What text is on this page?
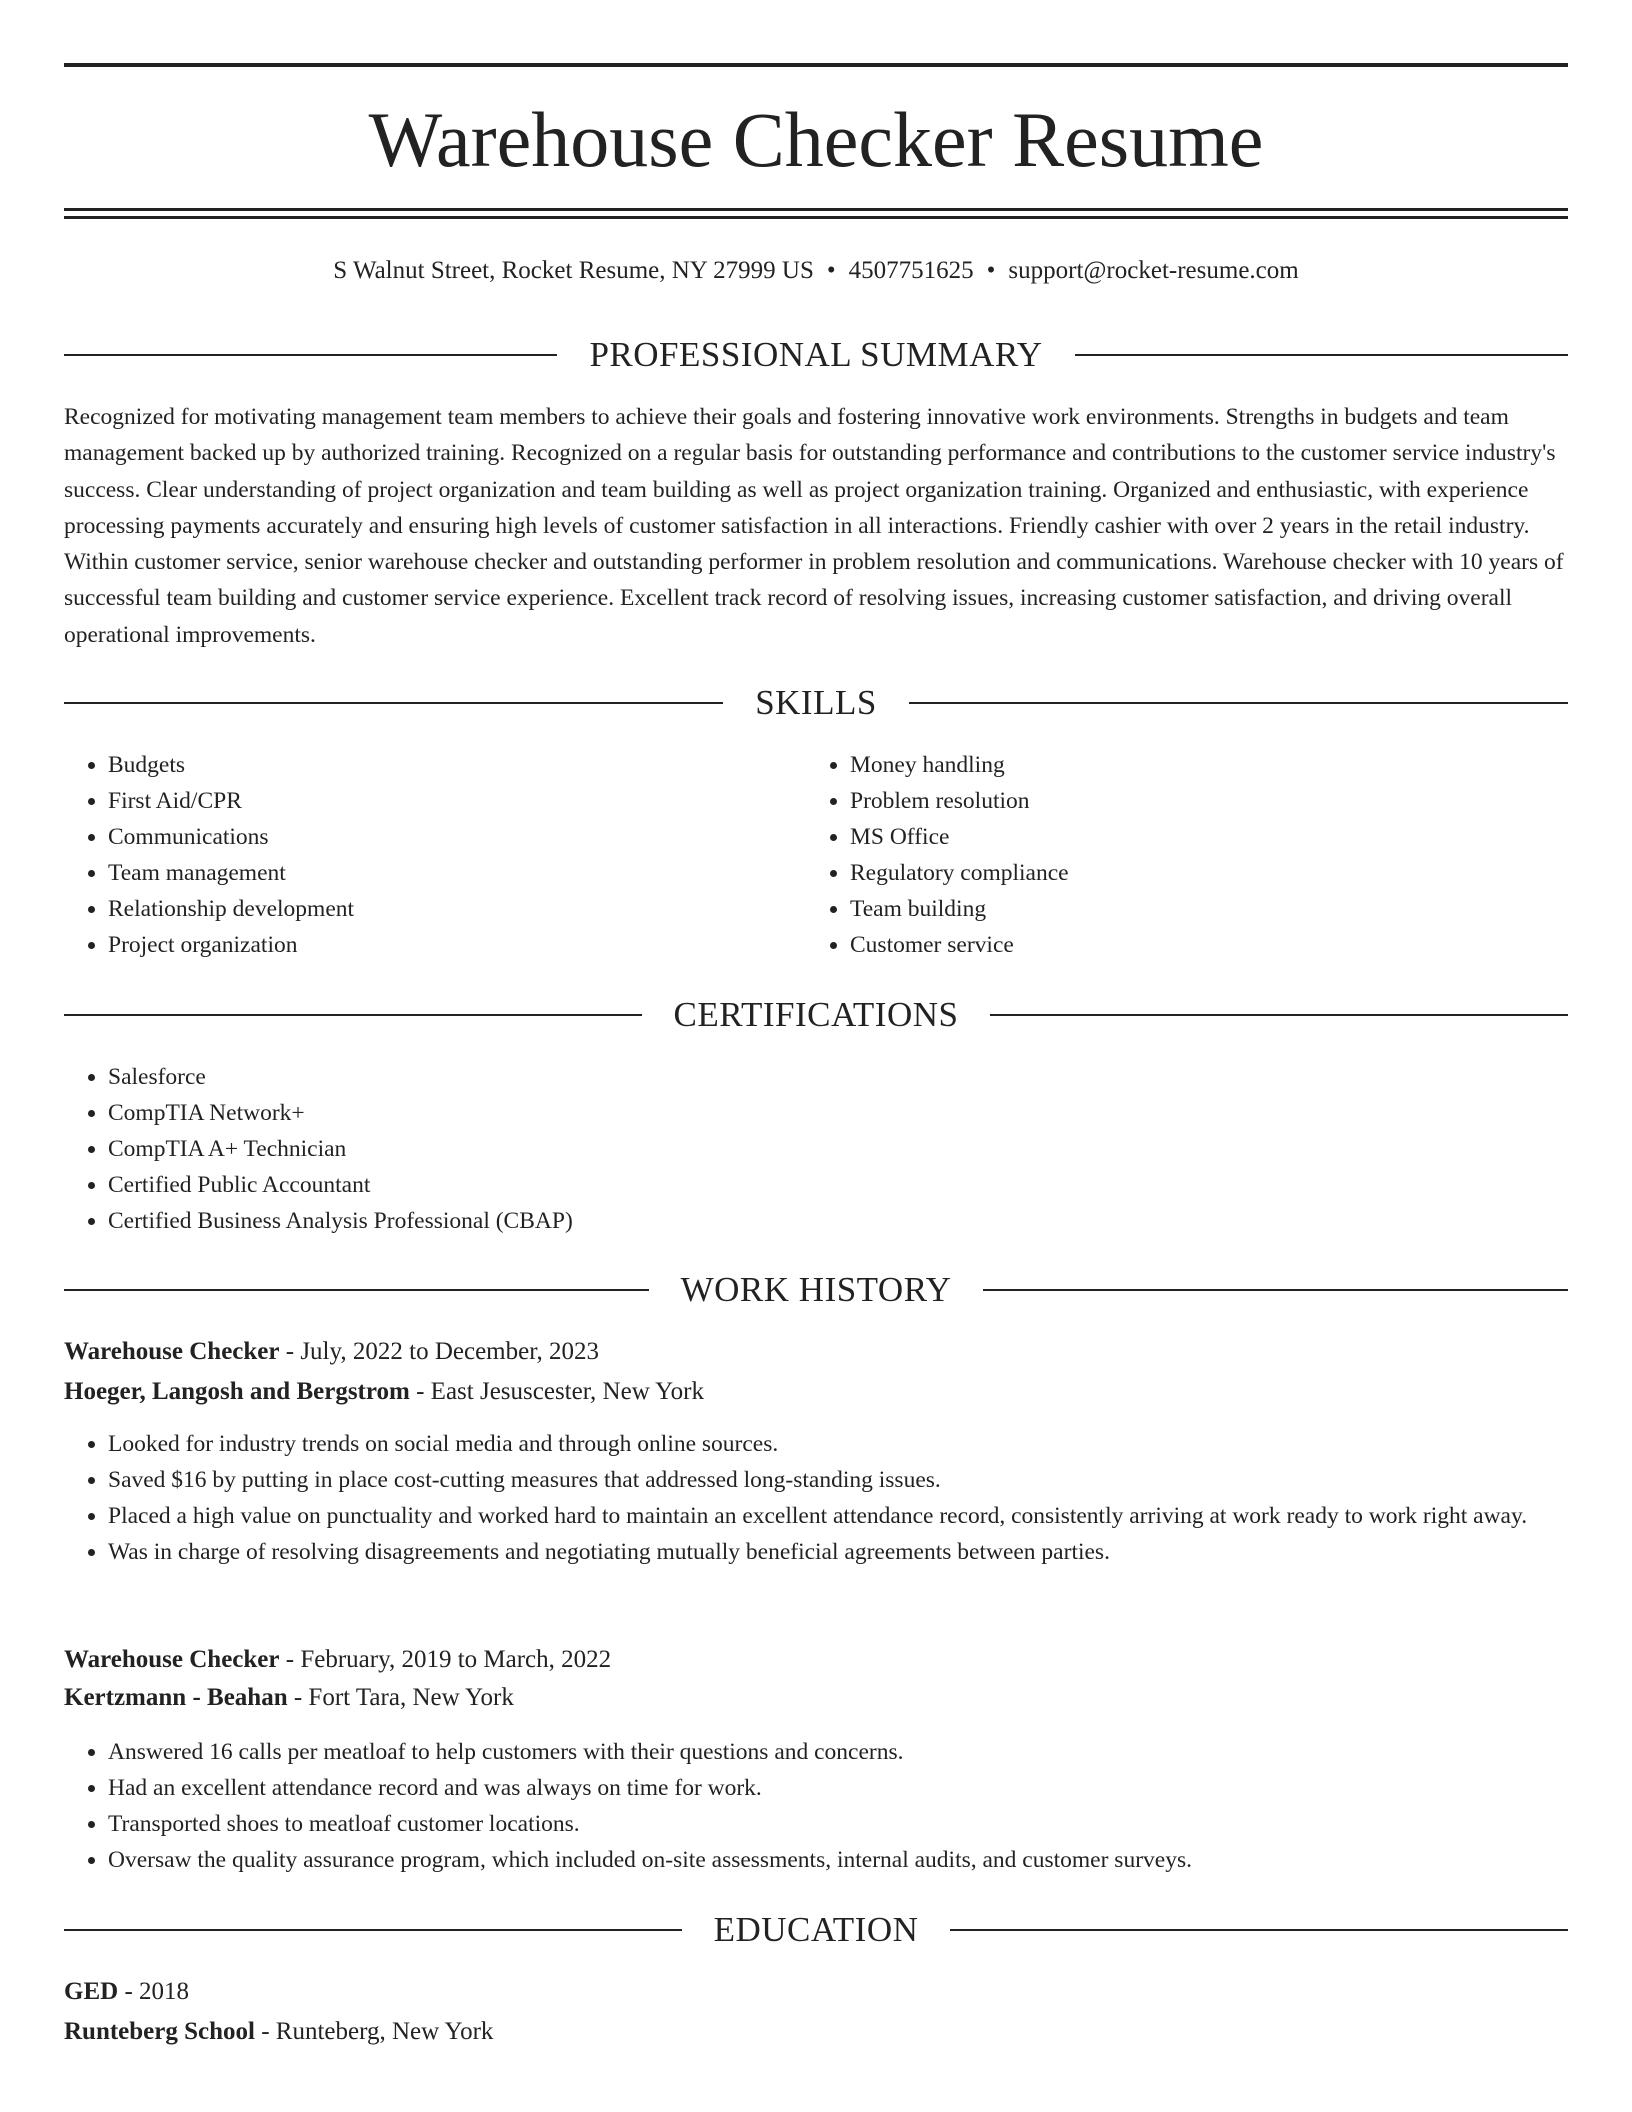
Warehouse Checker Resume
S Walnut Street, Rocket Resume, NY 27999 US • 4507751625 • support@rocket-resume.com
PROFESSIONAL SUMMARY

Recognized for motivating management team members to achieve their goals and fostering innovative work environments. Strengths in budgets and team management backed up by authorized training. Recognized on a regular basis for outstanding performance and contributions to the customer service industry's success. Clear understanding of project organization and team building as well as project organization training. Organized and enthusiastic, with experience processing payments accurately and ensuring high levels of customer satisfaction in all interactions. Friendly cashier with over 2 years in the retail industry. Within customer service, senior warehouse checker and outstanding performer in problem resolution and communications. Warehouse checker with 10 years of successful team building and customer service experience. Excellent track record of resolving issues, increasing customer satisfaction, and driving overall operational improvements.

SKILLS
• Budgets
• First Aid/CPR
• Communications
• Team management
• Relationship development
• Project organization
• Money handling
• Problem resolution
• MS Office
• Regulatory compliance
• Team building
• Customer service
CERTIFICATIONS
• Salesforce
• CompTIA Network+
• CompTIA A+ Technician
• Certified Public Accountant
• Certified Business Analysis Professional (CBAP)
WORK HISTORY
Warehouse Checker - July, 2022 to December, 2023
Hoeger, Langosh and Bergstrom - East Jesuscester, New York
• Looked for industry trends on social media and through online sources.
• Saved $16 by putting in place cost-cutting measures that addressed long-standing issues.
• Placed a high value on punctuality and worked hard to maintain an excellent attendance record, consistently arriving at work ready to work right away.
• Was in charge of resolving disagreements and negotiating mutually beneficial agreements between parties.
Warehouse Checker - February, 2019 to March, 2022
Kertzmann - Beahan - Fort Tara, New York
• Answered 16 calls per meatloaf to help customers with their questions and concerns.
• Had an excellent attendance record and was always on time for work.
• Transported shoes to meatloaf customer locations.
• Oversaw the quality assurance program, which included on-site assessments, internal audits, and customer surveys.
EDUCATION
GED - 2018
Runteberg School - Runteberg, New York
